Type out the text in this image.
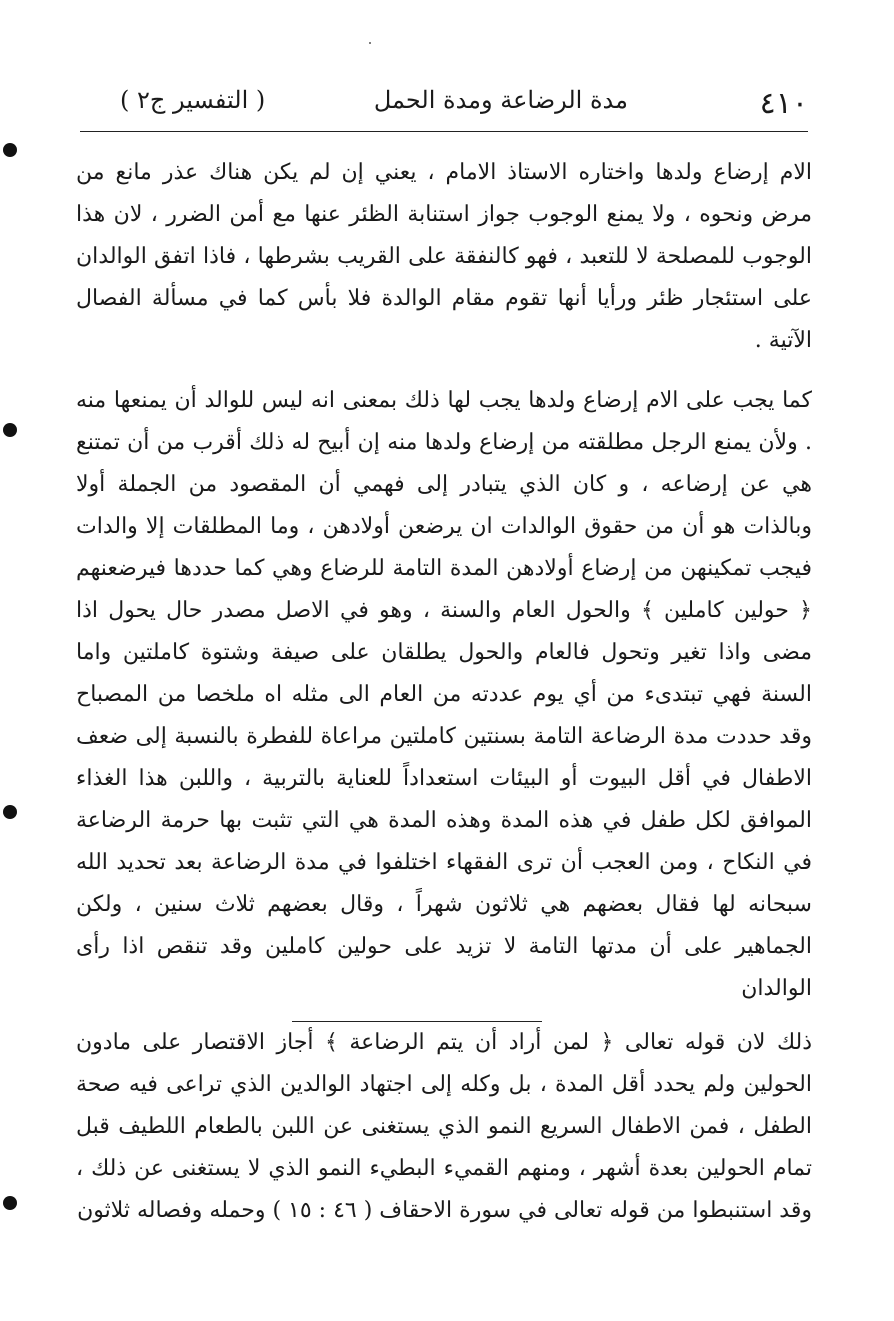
٤١٠
مدة الرضاعة ومدة الحمل
( التفسير ج٢ )

الام إرضاع ولدها واختاره الاستاذ الامام ، يعني إن لم يكن هناك عذر مانع من مرض ونحوه ، ولا يمنع الوجوب جواز استنابة الظئر عنها مع أمن الضرر ، لان هذا الوجوب للمصلحة لا للتعبد ، فهو كالنفقة على القريب بشرطها ، فاذا اتفق الوالدان على استئجار ظئر ورأيا أنها تقوم مقام الوالدة فلا بأس كما في مسألة الفصال الآتية .

كما يجب على الام إرضاع ولدها يجب لها ذلك بمعنى انه ليس للوالد أن يمنعها منه . ولأن يمنع الرجل مطلقته من إرضاع ولدها منه إن أبيح له ذلك أقرب من أن تمتنع هي عن إرضاعه ، و كان الذي يتبادر إلى فهمي أن المقصود من الجملة أولا وبالذات هو أن من حقوق الوالدات ان يرضعن أولادهن ، وما المطلقات إلا والدات فيجب تمكينهن من إرضاع أولادهن المدة التامة للرضاع وهي كما حددها فيرضعنهم ﴿ حولين كاملين ﴾ والحول العام والسنة ، وهو في الاصل مصدر حال يحول اذا مضى واذا تغير وتحول فالعام والحول يطلقان على صيفة وشتوة كاملتين واما السنة فهي تبتدىء من أي يوم عددته من العام الى مثله اه ملخصا من المصباح وقد حددت مدة الرضاعة التامة بسنتين كاملتين مراعاة للفطرة بالنسبة إلى ضعف الاطفال في أقل البيوت أو البيئات استعداداً للعناية بالتربية ، واللبن هذا الغذاء الموافق لكل طفل في هذه المدة وهذه المدة هي التي تثبت بها حرمة الرضاعة في النكاح ، ومن العجب أن ترى الفقهاء اختلفوا في مدة الرضاعة بعد تحديد الله سبحانه لها فقال بعضهم هي ثلاثون شهراً ، وقال بعضهم ثلاث سنين ، ولكن الجماهير على أن مدتها التامة لا تزيد على حولين كاملين وقد تنقص اذا رأى الوالدان

ذلك لان قوله تعالى ﴿ لمن أراد أن يتم الرضاعة ﴾ أجاز الاقتصار على مادون الحولين ولم يحدد أقل المدة ، بل وكله إلى اجتهاد الوالدين الذي تراعى فيه صحة الطفل ، فمن الاطفال السريع النمو الذي يستغنى عن اللبن بالطعام اللطيف قبل تمام الحولين بعدة أشهر ، ومنهم القميء البطيء النمو الذي لا يستغنى عن ذلك ، وقد استنبطوا من قوله تعالى في سورة الاحقاف ( ٤٦ : ١٥ ) وحمله وفصاله ثلاثون
